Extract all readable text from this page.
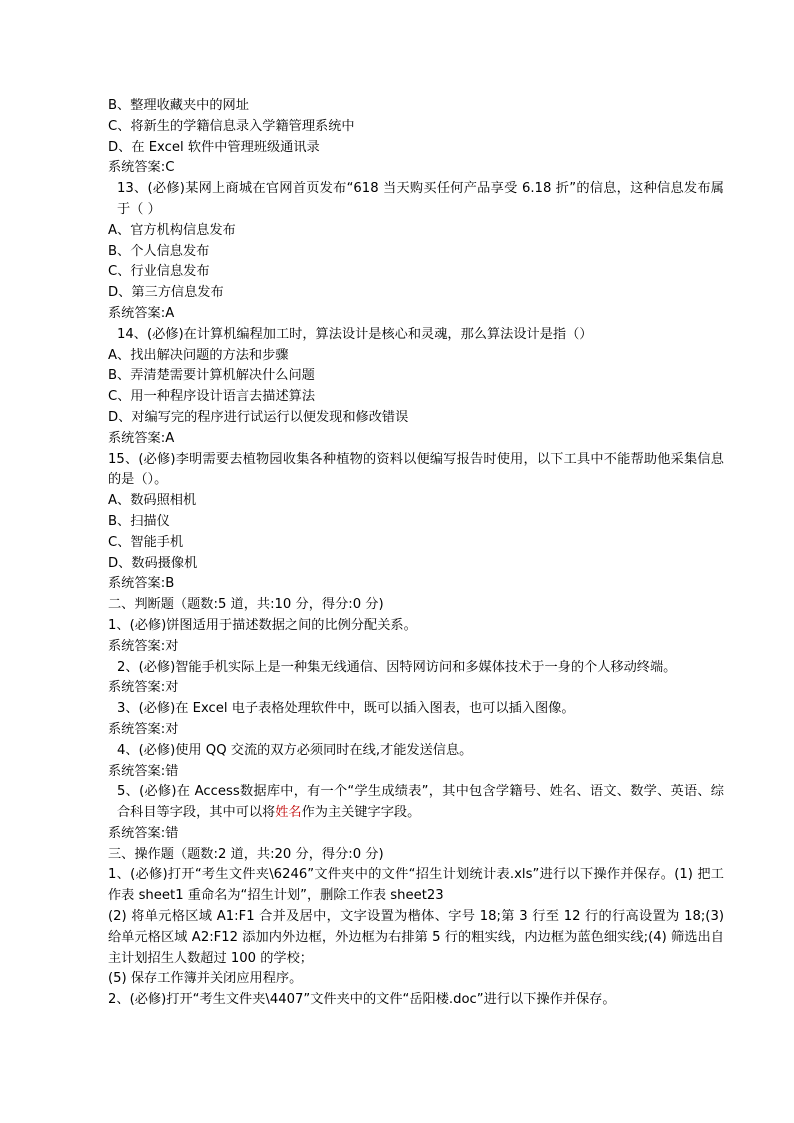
B、整理收藏夹中的网址
C、将新生的学籍信息录入学籍管理系统中
D、在 Excel 软件中管理班级通讯录
系统答案:C
13、(必修)某网上商城在官网首页发布“618 当天购买任何产品享受 6.18 折”的信息，这种信息发布属于（ ）
A、官方机构信息发布
B、个人信息发布
C、行业信息发布
D、第三方信息发布
系统答案:A
14、(必修)在计算机编程加工时，算法设计是核心和灵魂，那么算法设计是指（）
A、找出解决问题的方法和步骤
B、弄清楚需要计算机解决什么问题
C、用一种程序设计语言去描述算法
D、对编写完的程序进行试运行以便发现和修改错误
系统答案:A
15、(必修)李明需要去植物园收集各种植物的资料以便编写报告时使用，以下工具中不能帮助他采集信息的是（）。
A、数码照相机
B、扫描仪
C、智能手机
D、数码摄像机
系统答案:B
二、判断题（题数:5 道，共:10 分，得分:0 分)
1、(必修)饼图适用于描述数据之间的比例分配关系。
系统答案:对
2、(必修)智能手机实际上是一种集无线通信、因特网访问和多媒体技术于一身的个人移动终端。
系统答案:对
3、(必修)在 Excel 电子表格处理软件中，既可以插入图表，也可以插入图像。
系统答案:对
4、(必修)使用 QQ 交流的双方必须同时在线,才能发送信息。
系统答案:错
5、(必修)在 Access数据库中，有一个“学生成绩表”，其中包含学籍号、姓名、语文、数学、英语、综合科目等字段，其中可以将姓名作为主关键字字段。
系统答案:错
三、操作题（题数:2 道，共:20 分，得分:0 分)
1、(必修)打开“考生文件夹\6246”文件夹中的文件“招生计划统计表.xls”进行以下操作并保存。(1) 把工作表 sheet1 重命名为“招生计划”，删除工作表 sheet23
(2) 将单元格区域 A1:F1 合并及居中，文字设置为楷体、字号 18;第 3 行至 12 行的行高设置为 18;(3) 给单元格区域 A2:F12 添加内外边框，外边框为右排第 5 行的粗实线，内边框为蓝色细实线;(4) 筛选出自主计划招生人数超过 100 的学校；
(5) 保存工作簿并关闭应用程序。
2、(必修)打开“考生文件夹\4407”文件夹中的文件“岳阳楼.doc”进行以下操作并保存。
